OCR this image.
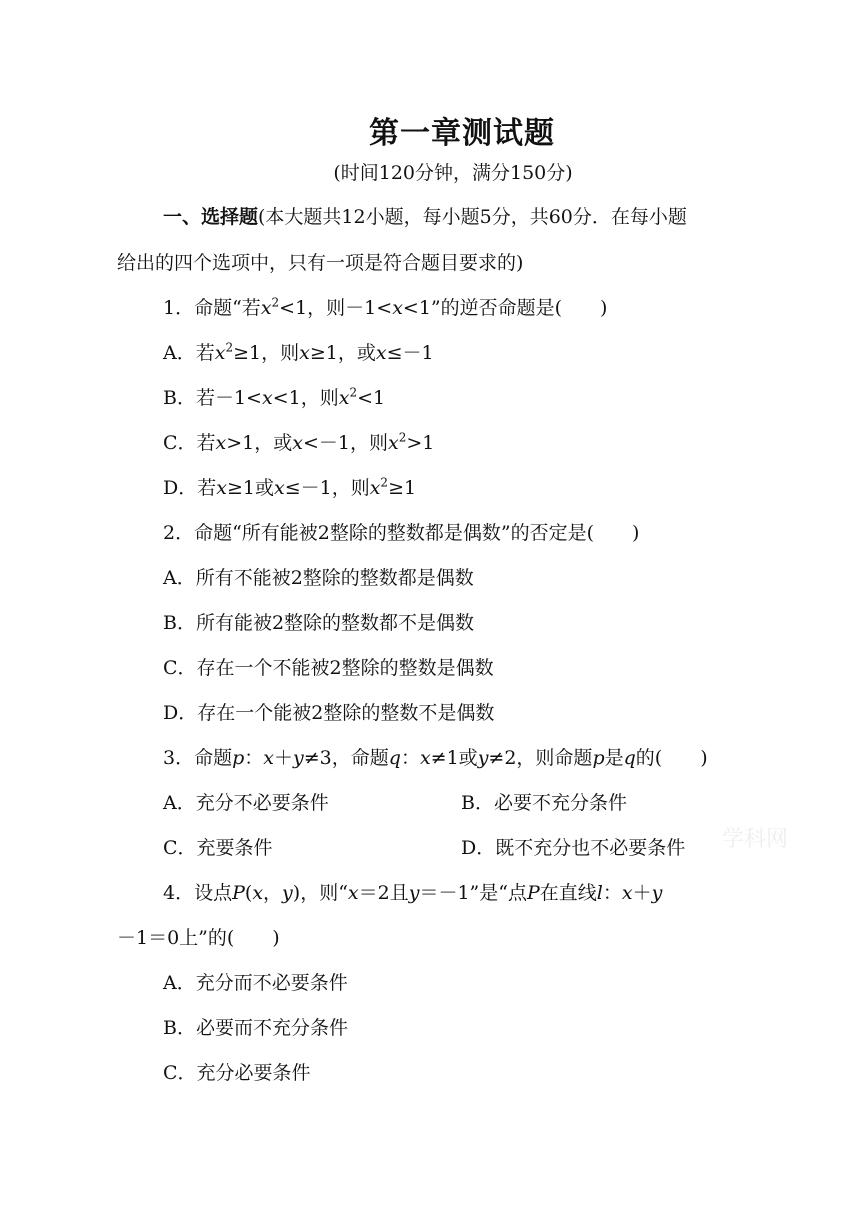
第一章测试题
(时间120分钟，满分150分)
一、选择题(本大题共12小题，每小题5分，共60分．在每小题
给出的四个选项中，只有一项是符合题目要求的)
1．命题“若$x^2<1$，则－1<x<1”的逆否命题是(　　)
A．若$x^2\ge 1$，则x≥1，或x≤－1
B．若－1<x<1，则$x^2<1$
C．若x>1，或x<－1，则$x^2>1$
D．若x≥1或x≤－1，则$x^2\ge 1$
2．命题“所有能被2整除的整数都是偶数”的否定是(　　)
A．所有不能被2整除的整数都是偶数
B．所有能被2整除的整数都不是偶数
C．存在一个不能被2整除的整数是偶数
D．存在一个能被2整除的整数不是偶数
3．命题p：x＋y≠3，命题q：x≠1或y≠2，则命题p是q的(　　)
A．充分不必要条件	B．必要不充分条件
C．充要条件	D．既不充分也不必要条件
4．设点P(x，y)，则“x＝2且y＝－1”是“点P在直线l：x＋y
－1＝0上”的(　　)
A．充分而不必要条件
B．必要而不充分条件
C．充分必要条件
学科网
